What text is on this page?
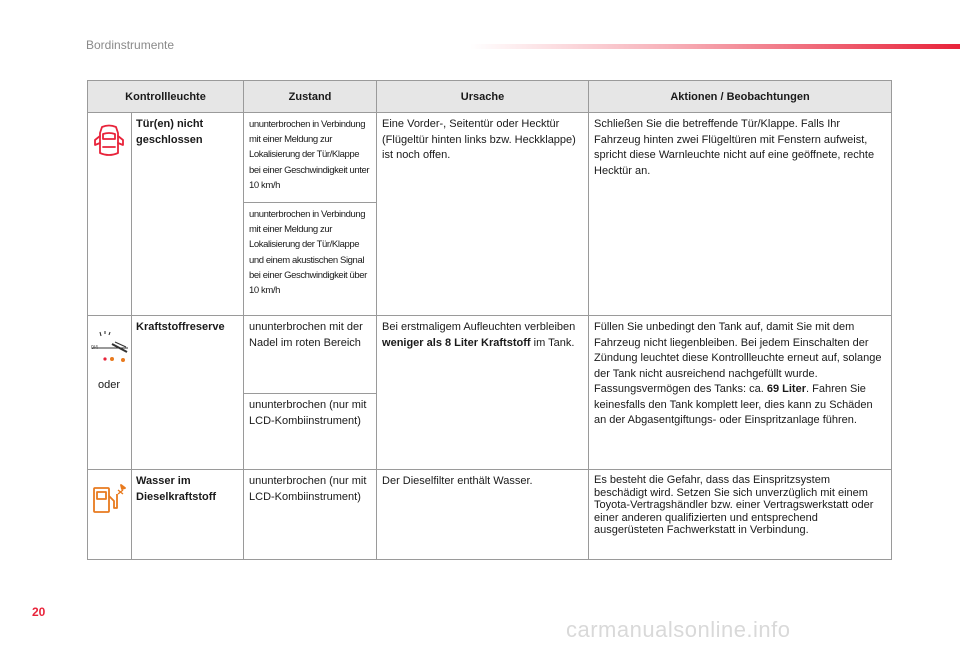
Bordinstrumente
Kontrollleuchte		Zustand	Ursache	Aktionen / Beobachtungen

	Tür(en) nicht geschlossen	ununterbrochen in Verbindung mit einer Meldung zur Lokalisierung der Tür/Klappe bei einer Geschwindigkeit unter 10 km/h	Eine Vorder-, Seitentür oder Hecktür (Flügeltür hinten links bzw. Heckklappe) ist noch offen.	Schließen Sie die betreffende Tür/Klappe. Falls Ihr Fahrzeug hinten zwei Flügeltüren mit Fenstern aufweist, spricht diese Warnleuchte nicht auf eine geöffnete, rechte Hecktür an.
		ununterbrochen in Verbindung mit einer Meldung zur Lokalisierung der Tür/Klappe und einem akustischen Signal bei einer Geschwindigkeit über 10 km/h		

0/4
oder	Kraftstoffreserve	ununterbrochen mit der Nadel im roten Bereich	Bei erstmaligem Aufleuchten verbleiben weniger als 8 Liter Kraftstoff im Tank.	Füllen Sie unbedingt den Tank auf, damit Sie mit dem Fahrzeug nicht liegenbleiben. Bei jedem Einschalten der Zündung leuchtet diese Kontrollleuchte erneut auf, solange der Tank nicht ausreichend nachgefüllt wurde. Fassungsvermögen des Tanks: ca. 69 Liter. Fahren Sie keinesfalls den Tank komplett leer, dies kann zu Schäden an der Abgasentgiftungs- oder Einspritzanlage führen.
		ununterbrochen (nur mit LCD-Kombiinstrument)		

	Wasser im Dieselkraftstoff	ununterbrochen (nur mit LCD-Kombiinstrument)	Der Dieselfilter enthält Wasser.	Es besteht die Gefahr, dass das Einspritzsystem beschädigt wird. Setzen Sie sich unverzüglich mit einem Toyota-Vertragshändler bzw. einer Vertragswerkstatt oder einer anderen qualifizierten und entsprechend ausgerüsteten Fachwerkstatt in Verbindung.
20
carmanualsonline.info
